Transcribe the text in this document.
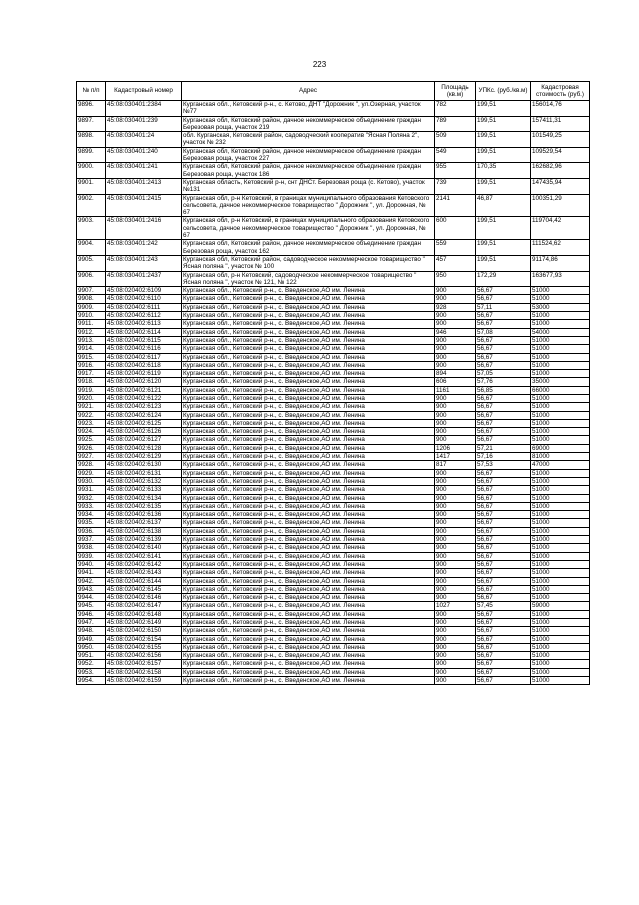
223
№ п/п	Кадастровый номер	Адрес	Площадь (кв.м)	УПКс. (руб./кв.м)	Кадастровая стоимость (руб.)
9896.	45:08:030401:2384	Курганская обл., Кетовский р-н., с. Кетово, ДНТ "Дорожник ", ул.Озерная, участок №77	782	199,51	156014,76
9897.	45:08:030401:239	Курганская обл, Кетовский район, дачное некоммерческое объединение граждан Березовая роща, участок 219	789	199,51	157411,31
9898.	45:08:030401:24	обл. Курганская, Кетовский район, садоводческий кооператив "Ясная Поляна 2", участок № 232	509	199,51	101549,25
9899.	45:08:030401:240	Курганская обл, Кетовский район, дачное некоммерческое объединение граждан Березовая роща, участок 227	549	199,51	109529,54
9900.	45:08:030401:241	Курганская обл, Кетовский район, дачное некоммерческое объединение граждан Березовая роща, участок 186	955	170,35	162682,96
9901.	45:08:030401:2413	Курганская область, Кетовский р-н, снт ДНСт. Березовая роща (с. Кетово), участок №131	739	199,51	147435,94
9902.	45:08:030401:2415	Курганская обл, р-н Кетовский, в границах муниципального образования Кетовского сельсовета, дачное некоммерческое товарищество " Дорожник ", ул. Дорожная, № 67	2141	46,87	100351,29
9903.	45:08:030401:2416	Курганская обл, р-н Кетовский, в границах муниципального образования Кетовского сельсовета, дачное некоммерческое товарищество " Дорожник ", ул. Дорожная, № 67	600	199,51	119704,42
9904.	45:08:030401:242	Курганская обл, Кетовский район, дачное некоммерческое объединение граждан Березовая роща, участок 162	559	199,51	111524,62
9905.	45:08:030401:243	Курганская обл, Кетовский район, садоводческое некоммерческое товарищество " Ясная поляна ", участок № 100	457	199,51	91174,86
9906.	45:08:030401:2437	Курганская обл, р-н Кетовский, садоводческое некоммерческое товарищество " Ясная поляна ", участок № 121, № 122	950	172,29	163677,93
9907.	45:08:020402:6109	Курганская обл., Кетовский р-н., с. Введенское,АО им. Ленина	900	56,67	51000
9908.	45:08:020402:6110	Курганская обл., Кетовский р-н., с. Введенское,АО им. Ленина	900	56,67	51000
9909.	45:08:020402:6111	Курганская обл., Кетовский р-н., с. Введенское,АО им. Ленина	928	57,11	53000
9910.	45:08:020402:6112	Курганская обл., Кетовский р-н., с. Введенское,АО им. Ленина	900	56,67	51000
9911.	45:08:020402:6113	Курганская обл., Кетовский р-н., с. Введенское,АО им. Ленина	900	56,67	51000
9912.	45:08:020402:6114	Курганская обл., Кетовский р-н., с. Введенское,АО им. Ленина	946	57,08	54000
9913.	45:08:020402:6115	Курганская обл., Кетовский р-н., с. Введенское,АО им. Ленина	900	56,67	51000
9914.	45:08:020402:6116	Курганская обл., Кетовский р-н., с. Введенское,АО им. Ленина	900	56,67	51000
9915.	45:08:020402:6117	Курганская обл., Кетовский р-н., с. Введенское,АО им. Ленина	900	56,67	51000
9916.	45:08:020402:6118	Курганская обл., Кетовский р-н., с. Введенское,АО им. Ленина	900	56,67	51000
9917.	45:08:020402:6119	Курганская обл., Кетовский р-н., с. Введенское,АО им. Ленина	894	57,05	51000
9918.	45:08:020402:6120	Курганская обл., Кетовский р-н., с. Введенское,АО им. Ленина	606	57,76	35000
9919.	45:08:020402:6121	Курганская обл., Кетовский р-н., с. Введенское,АО им. Ленина	1161	56,85	66000
9920.	45:08:020402:6122	Курганская обл., Кетовский р-н., с. Введенское,АО им. Ленина	900	56,67	51000
9921.	45:08:020402:6123	Курганская обл., Кетовский р-н., с. Введенское,АО им. Ленина	900	56,67	51000
9922.	45:08:020402:6124	Курганская обл., Кетовский р-н., с. Введенское,АО им. Ленина	900	56,67	51000
9923.	45:08:020402:6125	Курганская обл., Кетовский р-н., с. Введенское,АО им. Ленина	900	56,67	51000
9924.	45:08:020402:6126	Курганская обл., Кетовский р-н., с. Введенское,АО им. Ленина	900	56,67	51000
9925.	45:08:020402:6127	Курганская обл., Кетовский р-н., с. Введенское,АО им. Ленина	900	56,67	51000
9926.	45:08:020402:6128	Курганская обл., Кетовский р-н., с. Введенское,АО им. Ленина	1206	57,21	69000
9927.	45:08:020402:6129	Курганская обл., Кетовский р-н., с. Введенское,АО им. Ленина	1417	57,16	81000
9928.	45:08:020402:6130	Курганская обл., Кетовский р-н., с. Введенское,АО им. Ленина	817	57,53	47000
9929.	45:08:020402:6131	Курганская обл., Кетовский р-н., с. Введенское,АО им. Ленина	900	56,67	51000
9930.	45:08:020402:6132	Курганская обл., Кетовский р-н., с. Введенское,АО им. Ленина	900	56,67	51000
9931.	45:08:020402:6133	Курганская обл., Кетовский р-н., с. Введенское,АО им. Ленина	900	56,67	51000
9932.	45:08:020402:6134	Курганская обл., Кетовский р-н., с. Введенское,АО им. Ленина	900	56,67	51000
9933.	45:08:020402:6135	Курганская обл., Кетовский р-н., с. Введенское,АО им. Ленина	900	56,67	51000
9934.	45:08:020402:6136	Курганская обл., Кетовский р-н., с. Введенское,АО им. Ленина	900	56,67	51000
9935.	45:08:020402:6137	Курганская обл., Кетовский р-н., с. Введенское,АО им. Ленина	900	56,67	51000
9936.	45:08:020402:6138	Курганская обл., Кетовский р-н., с. Введенское,АО им. Ленина	900	56,67	51000
9937.	45:08:020402:6139	Курганская обл., Кетовский р-н., с. Введенское,АО им. Ленина	900	56,67	51000
9938.	45:08:020402:6140	Курганская обл., Кетовский р-н., с. Введенское,АО им. Ленина	900	56,67	51000
9939.	45:08:020402:6141	Курганская обл., Кетовский р-н., с. Введенское,АО им. Ленина	900	56,67	51000
9940.	45:08:020402:6142	Курганская обл., Кетовский р-н., с. Введенское,АО им. Ленина	900	56,67	51000
9941.	45:08:020402:6143	Курганская обл., Кетовский р-н., с. Введенское,АО им. Ленина	900	56,67	51000
9942.	45:08:020402:6144	Курганская обл., Кетовский р-н., с. Введенское,АО им. Ленина	900	56,67	51000
9943.	45:08:020402:6145	Курганская обл., Кетовский р-н., с. Введенское,АО им. Ленина	900	56,67	51000
9944.	45:08:020402:6146	Курганская обл., Кетовский р-н., с. Введенское,АО им. Ленина	900	56,67	51000
9945.	45:08:020402:6147	Курганская обл., Кетовский р-н., с. Введенское,АО им. Ленина	1027	57,45	59000
9946.	45:08:020402:6148	Курганская обл., Кетовский р-н., с. Введенское,АО им. Ленина	900	56,67	51000
9947.	45:08:020402:6149	Курганская обл., Кетовский р-н., с. Введенское,АО им. Ленина	900	56,67	51000
9948.	45:08:020402:6150	Курганская обл., Кетовский р-н., с. Введенское,АО им. Ленина	900	56,67	51000
9949.	45:08:020402:6154	Курганская обл., Кетовский р-н., с. Введенское,АО им. Ленина	900	56,67	51000
9950.	45:08:020402:6155	Курганская обл., Кетовский р-н., с. Введенское,АО им. Ленина	900	56,67	51000
9951.	45:08:020402:6156	Курганская обл., Кетовский р-н., с. Введенское,АО им. Ленина	900	56,67	51000
9952.	45:08:020402:6157	Курганская обл., Кетовский р-н., с. Введенское,АО им. Ленина	900	56,67	51000
9953.	45:08:020402:6158	Курганская обл., Кетовский р-н., с. Введенское,АО им. Ленина	900	56,67	51000
9954.	45:08:020402:6159	Курганская обл., Кетовский р-н., с. Введенское,АО им. Ленина	900	56,67	51000
